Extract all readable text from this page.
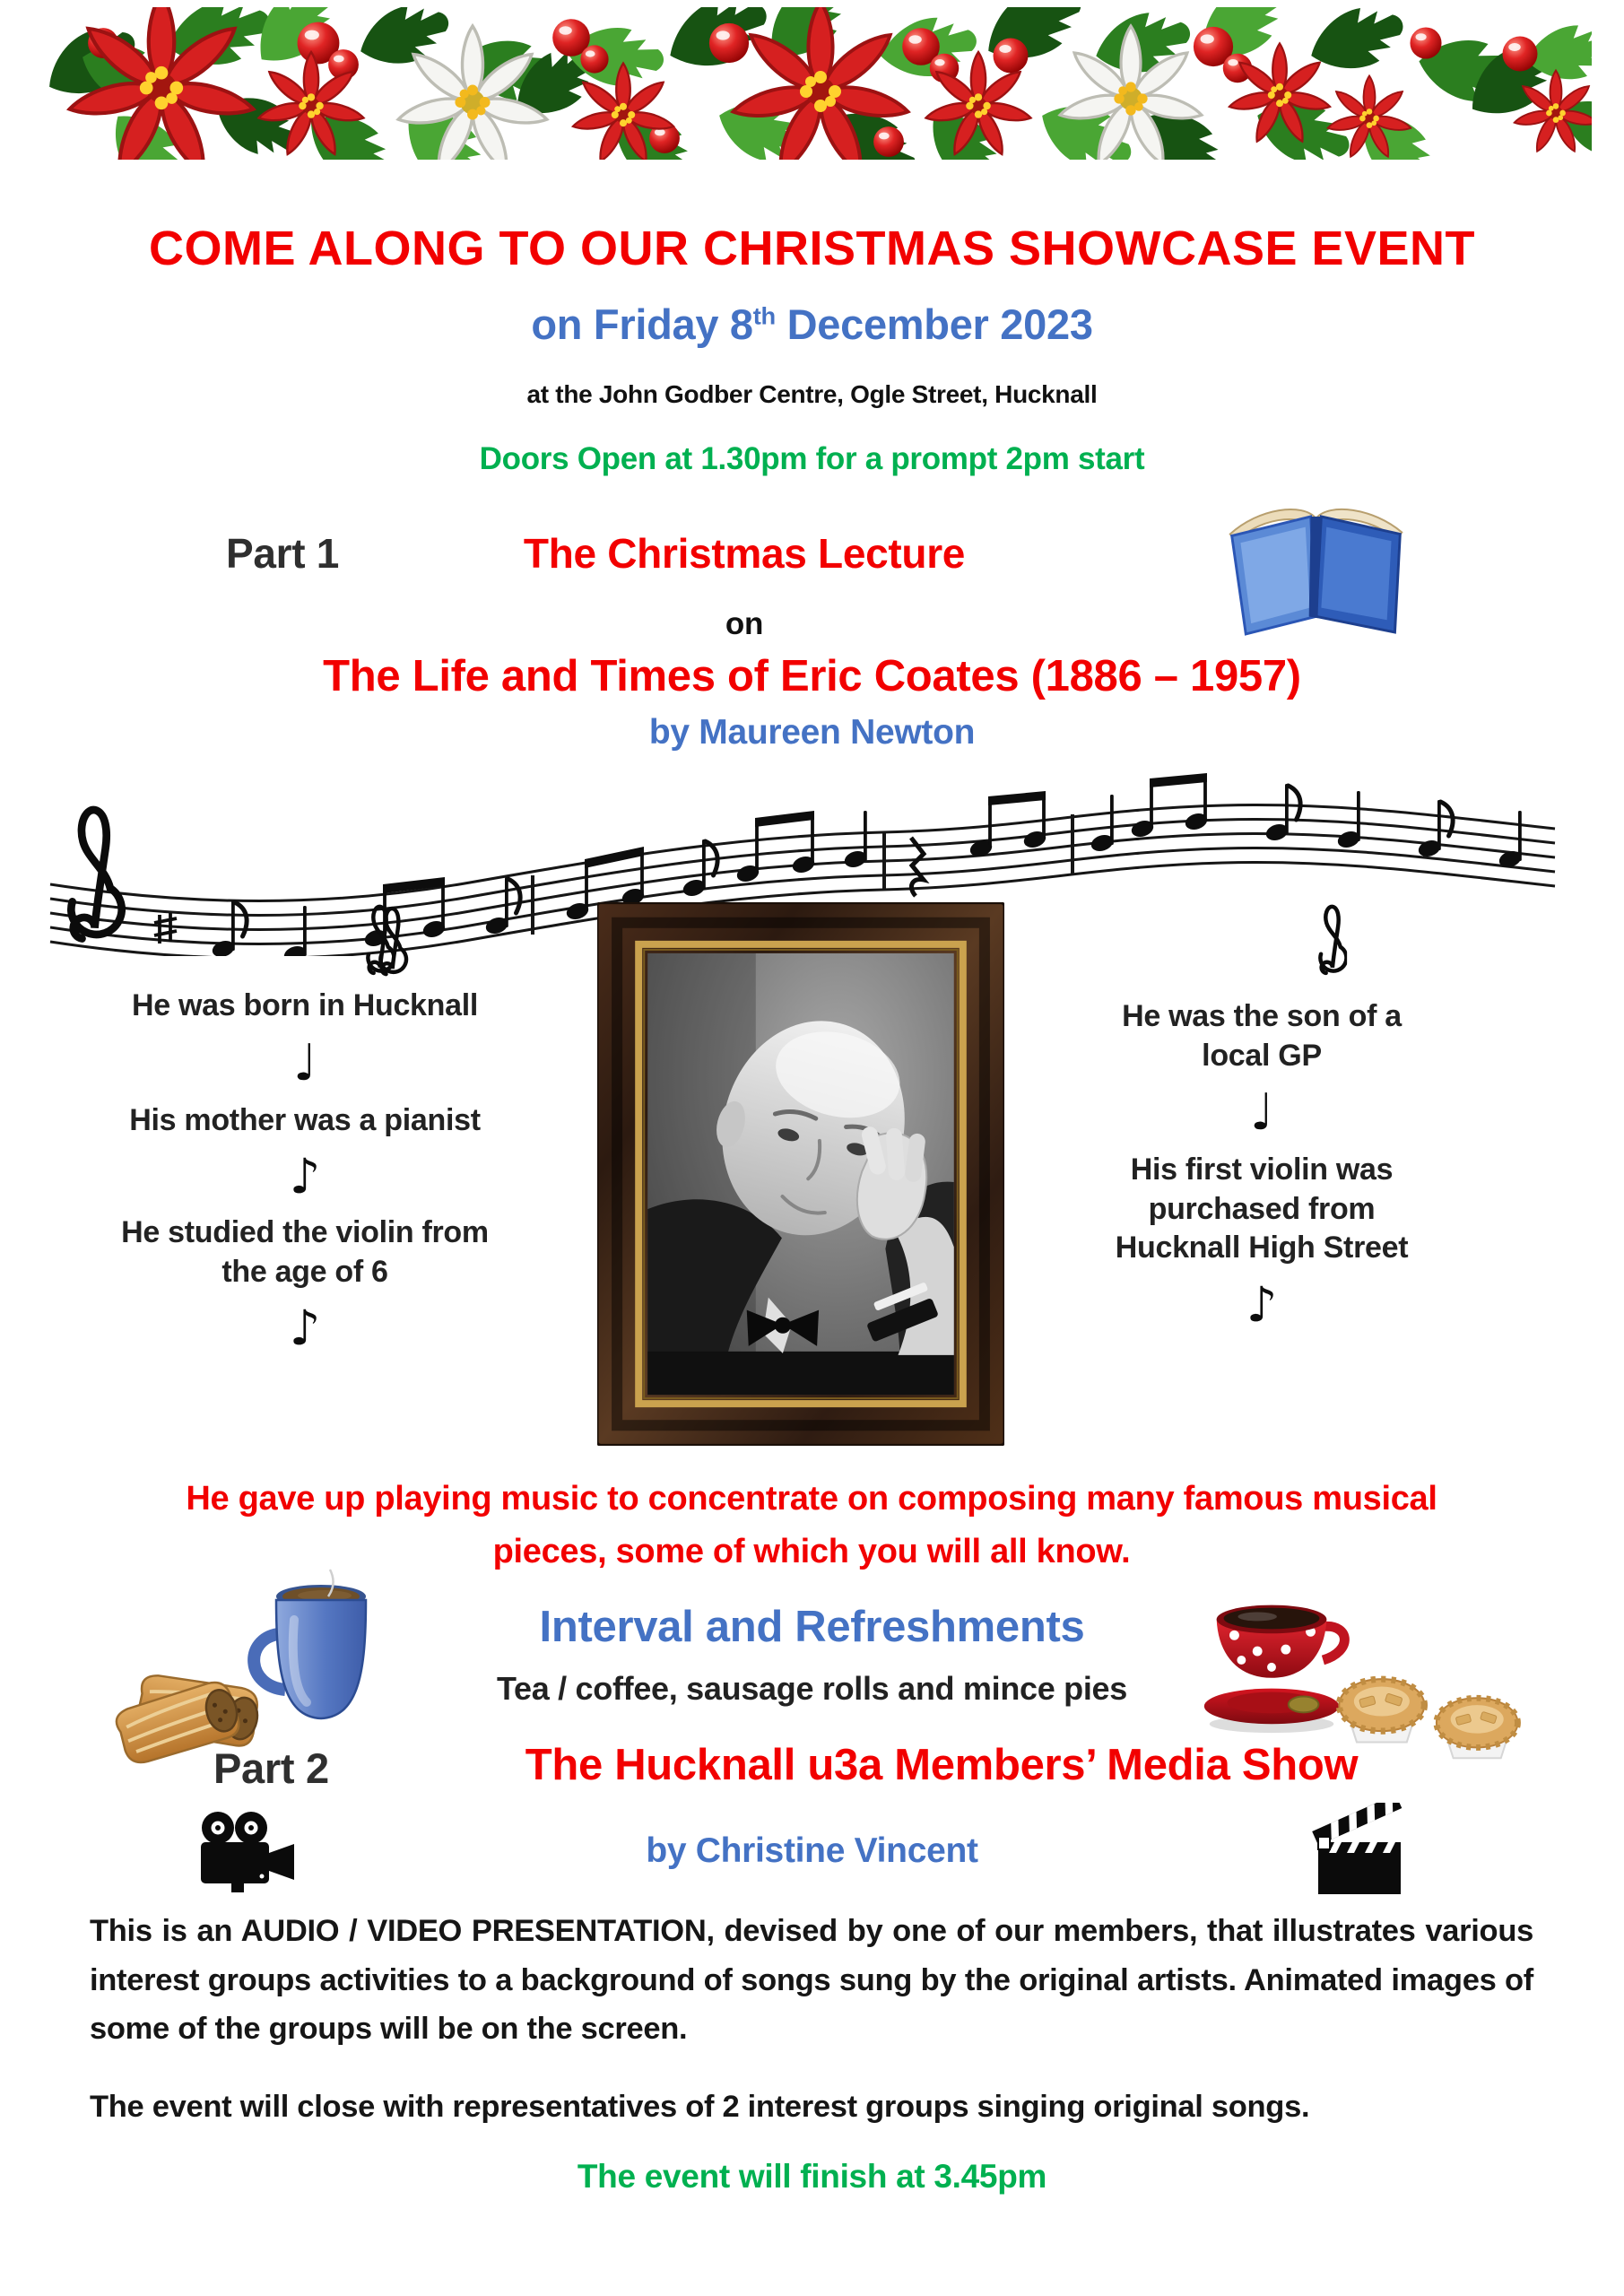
COME ALONG TO OUR CHRISTMAS SHOWCASE EVENT
on Friday 8th December 2023
at the John Godber Centre, Ogle Street, Hucknall
Doors Open at 1.30pm for a prompt 2pm start
Part 1	The Christmas Lecture
on
The Life and Times of Eric Coates (1886 – 1957)
by Maureen Newton
He was born in Hucknall
♩
His mother was a pianist
♪
He studied the violin from the age of 6
♪
He was the son of a local GP
♩
His first violin was purchased from Hucknall High Street
♪
He gave up playing music to concentrate on composing many famous musical pieces, some of which you will all know.
Interval and Refreshments
Tea / coffee, sausage rolls and mince pies
Part 2	The Hucknall u3a Members’ Media Show
by Christine Vincent
This is an AUDIO / VIDEO PRESENTATION, devised by one of our members, that illustrates various interest groups activities to a background of songs sung by the original artists. Animated images of some of the groups will be on the screen.
The event will close with representatives of 2 interest groups singing original songs.
The event will finish at 3.45pm
